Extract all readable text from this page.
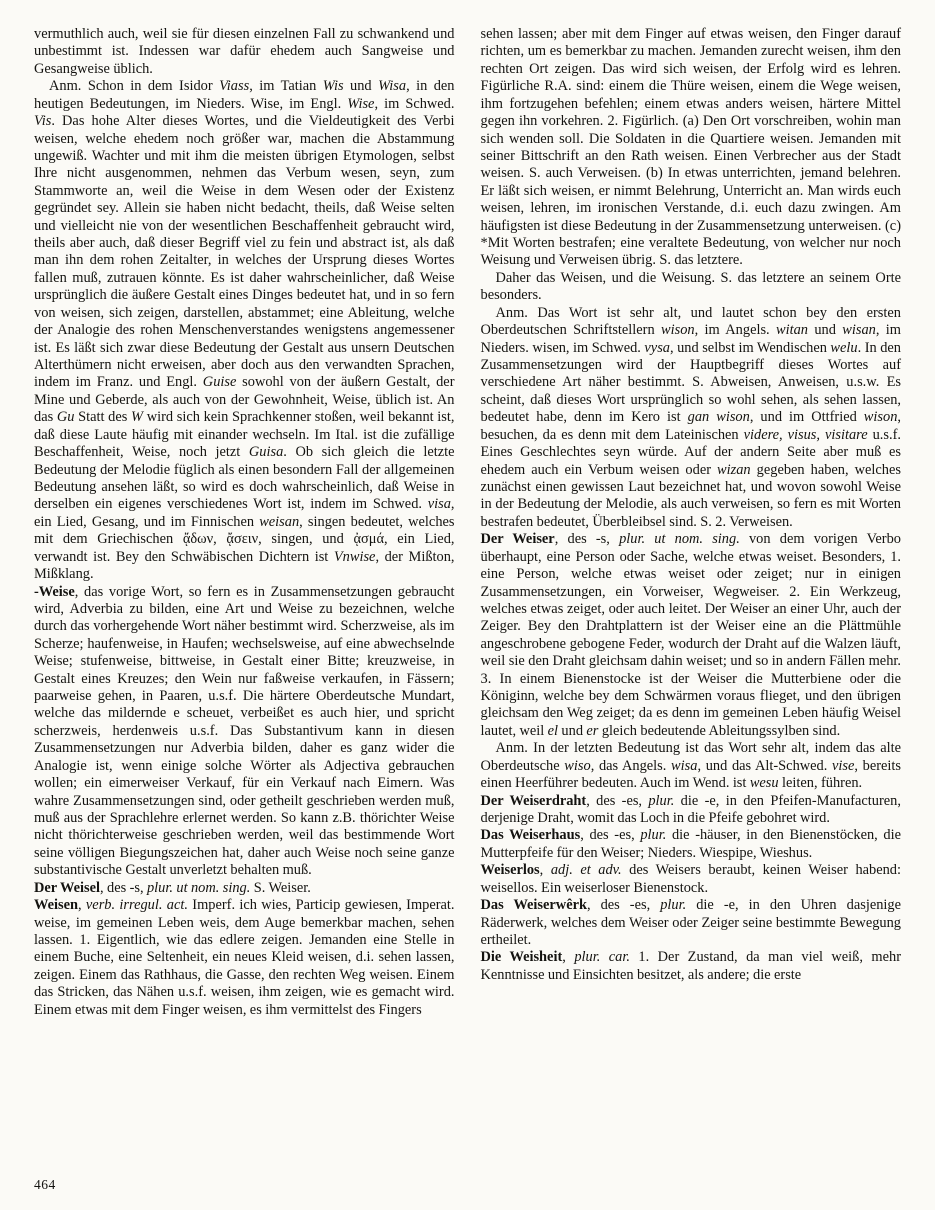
vermuthlich auch, weil sie für diesen einzelnen Fall zu schwankend und unbestimmt ist. Indessen war dafür ehedem auch Sangweise und Gesangweise üblich.

Anm. Schon in dem Isidor Viass, im Tatian Wis und Wisa, in den heutigen Bedeutungen, im Nieders. Wise, im Engl. Wise, im Schwed. Vis. Das hohe Alter dieses Wortes, und die Vieldeutigkeit des Verbi weisen, welche ehedem noch größer war, machen die Abstammung ungewiß. Wachter und mit ihm die meisten übrigen Etymologen, selbst Ihre nicht ausgenommen, nehmen das Verbum wesen, seyn, zum Stammworte an, weil die Weise in dem Wesen oder der Existenz gegründet sey. Allein sie haben nicht bedacht, theils, daß Weise selten und vielleicht nie von der wesentlichen Beschaffenheit gebraucht wird, theils aber auch, daß dieser Begriff viel zu fein und abstract ist, als daß man ihn dem rohen Zeitalter, in welches der Ursprung dieses Wortes fallen muß, zutrauen könnte. Es ist daher wahrscheinlicher, daß Weise ursprünglich die äußere Gestalt eines Dinges bedeutet hat, und in so fern von weisen, sich zeigen, darstellen, abstammet; eine Ableitung, welche der Analogie des rohen Menschenverstandes wenigstens angemessener ist. Es läßt sich zwar diese Bedeutung der Gestalt aus unsern Deutschen Alterthümern nicht erweisen, aber doch aus den verwandten Sprachen, indem im Franz. und Engl. Guise sowohl von der äußern Gestalt, der Mine und Geberde, als auch von der Gewohnheit, Weise, üblich ist. An das Gu Statt des W wird sich kein Sprachkenner stoßen, weil bekannt ist, daß diese Laute häufig mit einander wechseln. Im Ital. ist die zufällige Beschaffenheit, Weise, noch jetzt Guisa. Ob sich gleich die letzte Bedeutung der Melodie füglich als einen besondern Fall der allgemeinen Bedeutung ansehen läßt, so wird es doch wahrscheinlich, daß Weise in derselben ein eigenes verschiedenes Wort ist, indem im Schwed. visa, ein Lied, Gesang, und im Finnischen weisan, singen bedeutet, welches mit dem Griechischen ᾄδων, ᾄσειν, singen, und ᾀσμά, ein Lied, verwandt ist. Bey den Schwäbischen Dichtern ist Vnwise, der Mißton, Mißklang.

-Weise, das vorige Wort, so fern es in Zusammensetzungen gebraucht wird, Adverbia zu bilden, eine Art und Weise zu bezeichnen, welche durch das vorhergehende Wort näher bestimmt wird. Scherzweise, als im Scherze; haufenweise, in Haufen; wechselsweise, auf eine abwechselnde Weise; stufenweise, bittweise, in Gestalt einer Bitte; kreuzweise, in Gestalt eines Kreuzes; den Wein nur faßweise verkaufen, in Fässern; paarweise gehen, in Paaren, u.s.f. Die härtere Oberdeutsche Mundart, welche das mildernde e scheuet, verbeißet es auch hier, und spricht scherzweis, herdenweis u.s.f. Das Substantivum kann in diesen Zusammensetzungen nur Adverbia bilden, daher es ganz wider die Analogie ist, wenn einige solche Wörter als Adjectiva gebrauchen wollen; ein eimerweiser Verkauf, für ein Verkauf nach Eimern. Was wahre Zusammensetzungen sind, oder getheilt geschrieben werden muß, muß aus der Sprachlehre erlernet werden. So kann z.B. thörichter Weise nicht thörichterweise geschrieben werden, weil das bestimmende Wort seine völligen Biegungszeichen hat, daher auch Weise noch seine ganze substantivische Gestalt unverletzt behalten muß.

Der Weisel, des -s, plur. ut nom. sing. S. Weiser.

Weisen, verb. irregul. act. Imperf. ich wies, Particip gewiesen, Imperat. weise, im gemeinen Leben weis, dem Auge bemerkbar machen, sehen lassen. 1. Eigentlich, wie das edlere zeigen. Jemanden eine Stelle in einem Buche, eine Seltenheit, ein neues Kleid weisen, d.i. sehen lassen, zeigen. Einem das Rathhaus, die Gasse, den rechten Weg weisen. Einem das Stricken, das Nähen u.s.f. weisen, ihm zeigen, wie es gemacht wird. Einem etwas mit dem Finger weisen, es ihm vermittelst des Fingers

sehen lassen; aber mit dem Finger auf etwas weisen, den Finger darauf richten, um es bemerkbar zu machen. Jemanden zurecht weisen, ihm den rechten Ort zeigen. Das wird sich weisen, der Erfolg wird es lehren. Figürliche R.A. sind: einem die Thüre weisen, einem die Wege weisen, ihm fortzugehen befehlen; einem etwas anders weisen, härtere Mittel gegen ihn vorkehren. 2. Figürlich. (a) Den Ort vorschreiben, wohin man sich wenden soll. Die Soldaten in die Quartiere weisen. Jemanden mit seiner Bittschrift an den Rath weisen. Einen Verbrecher aus der Stadt weisen. S. auch Verweisen. (b) In etwas unterrichten, jemand belehren. Er läßt sich weisen, er nimmt Belehrung, Unterricht an. Man wirds euch weisen, lehren, im ironischen Verstande, d.i. euch dazu zwingen. Am häufigsten ist diese Bedeutung in der Zusammensetzung unterweisen. (c) *Mit Worten bestrafen; eine veraltete Bedeutung, von welcher nur noch Weisung und Verweisen übrig. S. das letztere.

Daher das Weisen, und die Weisung. S. das letztere an seinem Orte besonders.

Anm. Das Wort ist sehr alt, und lautet schon bey den ersten Oberdeutschen Schriftstellern wison, im Angels. witan und wisan, im Nieders. wisen, im Schwed. vysa, und selbst im Wendischen welu. In den Zusammensetzungen wird der Hauptbegriff dieses Wortes auf verschiedene Art näher bestimmt. S. Abweisen, Anweisen, u.s.w. Es scheint, daß dieses Wort ursprünglich so wohl sehen, als sehen lassen, bedeutet habe, denn im Kero ist gan wison, und im Ottfried wison, besuchen, da es denn mit dem Lateinischen videre, visus, visitare u.s.f. Eines Geschlechtes seyn würde. Auf der andern Seite aber muß es ehedem auch ein Verbum weisen oder wizan gegeben haben, welches zunächst einen gewissen Laut bezeichnet hat, und wovon sowohl Weise in der Bedeutung der Melodie, als auch verweisen, so fern es mit Worten bestrafen bedeutet, Überbleibsel sind. S. 2. Verweisen.

Der Weiser, des -s, plur. ut nom. sing. von dem vorigen Verbo überhaupt, eine Person oder Sache, welche etwas weiset. Besonders, 1. eine Person, welche etwas weiset oder zeiget; nur in einigen Zusammensetzungen, ein Vorweiser, Wegweiser. 2. Ein Werkzeug, welches etwas zeiget, oder auch leitet. Der Weiser an einer Uhr, auch der Zeiger. Bey den Drahtplattern ist der Weiser eine an die Plättmühle angeschrobene gebogene Feder, wodurch der Draht auf die Walzen läuft, weil sie den Draht gleichsam dahin weiset; und so in andern Fällen mehr. 3. In einem Bienenstocke ist der Weiser die Mutterbiene oder die Königinn, welche bey dem Schwärmen voraus flieget, und den übrigen gleichsam den Weg zeiget; da es denn im gemeinen Leben häufig Weisel lautet, weil el und er gleich bedeutende Ableitungssylben sind.

Anm. In der letzten Bedeutung ist das Wort sehr alt, indem das alte Oberdeutsche wiso, das Angels. wisa, und das Alt-Schwed. vise, bereits einen Heerführer bedeuten. Auch im Wend. ist wesu leiten, führen.

Der Weiserdraht, des -es, plur. die -e, in den Pfeifen-Manufacturen, derjenige Draht, womit das Loch in die Pfeife gebohret wird.

Das Weiserhaus, des -es, plur. die -häuser, in den Bienenstöcken, die Mutterpfeife für den Weiser; Nieders. Wiespipe, Wieshus.

Weiserlos, adj. et adv. des Weisers beraubt, keinen Weiser habend: weisellos. Ein weiserloser Bienenstock.

Das Weiserwêrk, des -es, plur. die -e, in den Uhren dasjenige Räderwerk, welches dem Weiser oder Zeiger seine bestimmte Bewegung ertheilet.

Die Weisheit, plur. car. 1. Der Zustand, da man viel weiß, mehr Kenntnisse und Einsichten besitzet, als andere; die erste

464
